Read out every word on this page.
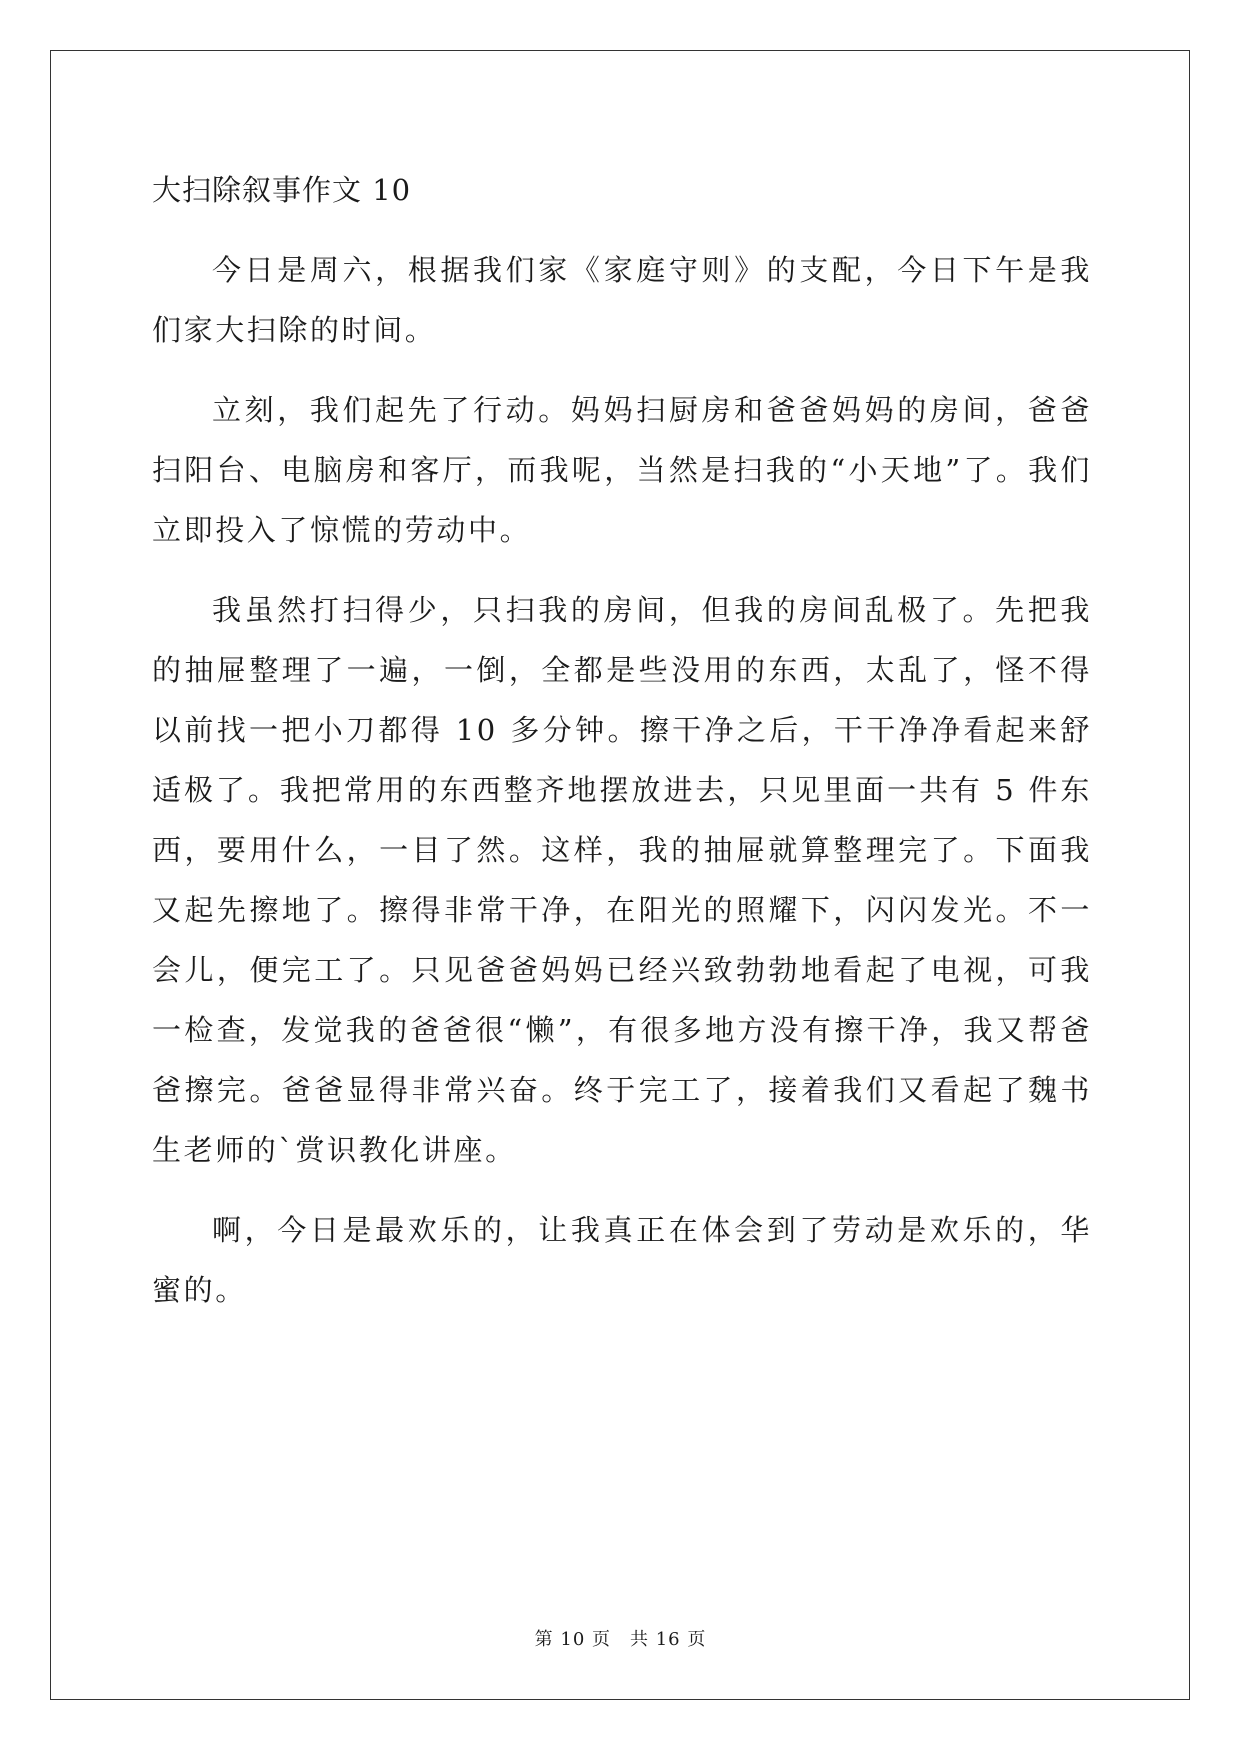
大扫除叙事作文 10

今日是周六，根据我们家《家庭守则》的支配，今日下午是我们家大扫除的时间。

立刻，我们起先了行动。妈妈扫厨房和爸爸妈妈的房间，爸爸扫阳台、电脑房和客厅，而我呢，当然是扫我的“小天地”了。我们立即投入了惊慌的劳动中。

我虽然打扫得少，只扫我的房间，但我的房间乱极了。先把我的抽屉整理了一遍，一倒，全都是些没用的东西，太乱了，怪不得以前找一把小刀都得 10 多分钟。擦干净之后，干干净净看起来舒适极了。我把常用的东西整齐地摆放进去，只见里面一共有 5 件东西，要用什么，一目了然。这样，我的抽屉就算整理完了。下面我又起先擦地了。擦得非常干净，在阳光的照耀下，闪闪发光。不一会儿，便完工了。只见爸爸妈妈已经兴致勃勃地看起了电视，可我一检查，发觉我的爸爸很“懒”，有很多地方没有擦干净，我又帮爸爸擦完。爸爸显得非常兴奋。终于完工了，接着我们又看起了魏书生老师的`赏识教化讲座。

啊，今日是最欢乐的，让我真正在体会到了劳动是欢乐的，华蜜的。

第 10 页　共 16 页
